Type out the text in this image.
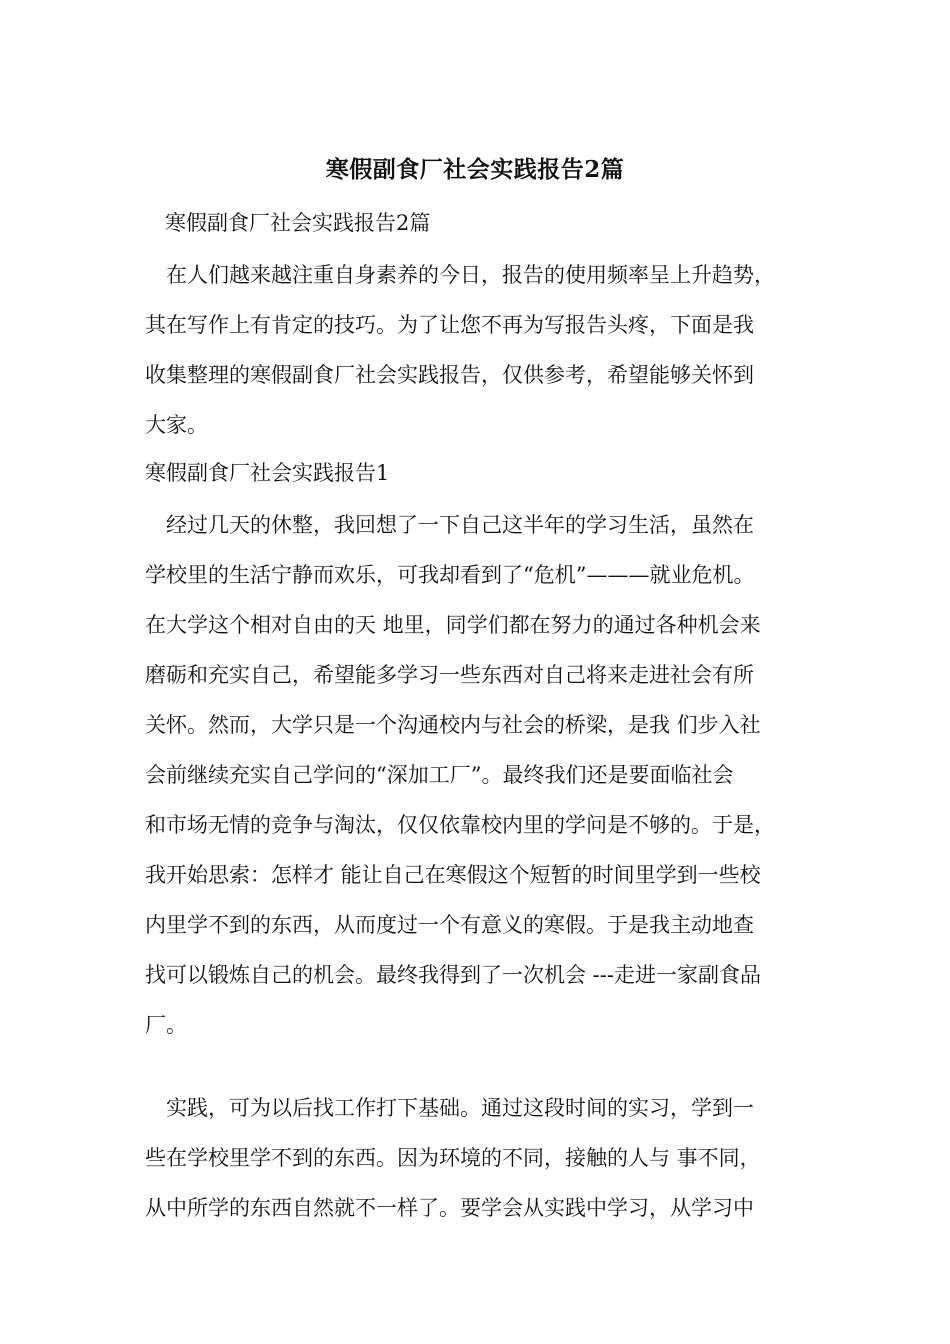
寒假副食厂社会实践报告2篇
寒假副食厂社会实践报告2篇
　在人们越来越注重自身素养的今日，报告的使用频率呈上升趋势，
其在写作上有肯定的技巧。为了让您不再为写报告头疼，下面是我
收集整理的寒假副食厂社会实践报告，仅供参考，希望能够关怀到
大家。
寒假副食厂社会实践报告1
　经过几天的休整，我回想了一下自己这半年的学习生活，虽然在
学校里的生活宁静而欢乐，可我却看到了“危机”———就业危机。
在大学这个相对自由的天 地里，同学们都在努力的通过各种机会来
磨砺和充实自己，希望能多学习一些东西对自己将来走进社会有所
关怀。然而，大学只是一个沟通校内与社会的桥梁，是我 们步入社
会前继续充实自己学问的“深加工厂”。最终我们还是要面临社会
和市场无情的竞争与淘汰，仅仅依靠校内里的学问是不够的。于是，
我开始思索：怎样才 能让自己在寒假这个短暂的时间里学到一些校
内里学不到的东西，从而度过一个有意义的寒假。于是我主动地查
找可以锻炼自己的机会。最终我得到了一次机会 ---走进一家副食品
厂。
　实践，可为以后找工作打下基础。通过这段时间的实习，学到一
些在学校里学不到的东西。因为环境的不同，接触的人与 事不同，
从中所学的东西自然就不一样了。要学会从实践中学习，从学习中
